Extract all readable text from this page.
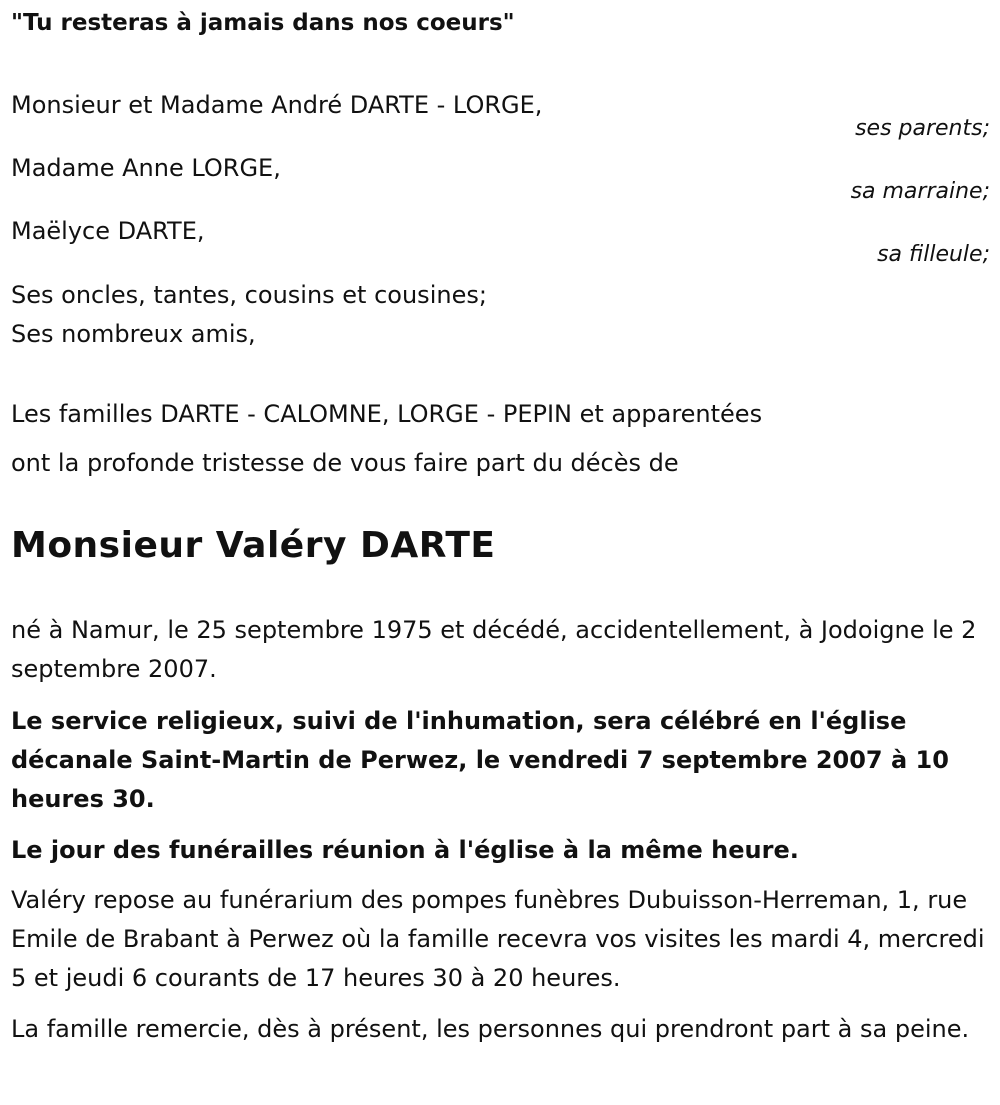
"Tu resteras à jamais dans nos coeurs"
Monsieur et Madame André DARTE - LORGE,
ses parents;
Madame Anne LORGE,
sa marraine;
Maëlyce DARTE,
sa filleule;
Ses oncles, tantes, cousins et cousines;
Ses nombreux amis,
Les familles DARTE - CALOMNE, LORGE - PEPIN et apparentées
ont la profonde tristesse de vous faire part du décès de
Monsieur Valéry DARTE

né à Namur, le 25 septembre 1975 et décédé, accidentellement, à Jodoigne le 2 septembre 2007.

Le service religieux, suivi de l'inhumation, sera célébré en l'église décanale Saint-Martin de Perwez, le vendredi 7 septembre 2007 à 10 heures 30.

Le jour des funérailles réunion à l'église à la même heure.

Valéry repose au funérarium des pompes funèbres Dubuisson-Herreman, 1, rue Emile de Brabant à Perwez où la famille recevra vos visites les mardi 4, mercredi 5 et jeudi 6 courants de 17 heures 30 à 20 heures.

La famille remercie, dès à présent, les personnes qui prendront part à sa peine.
